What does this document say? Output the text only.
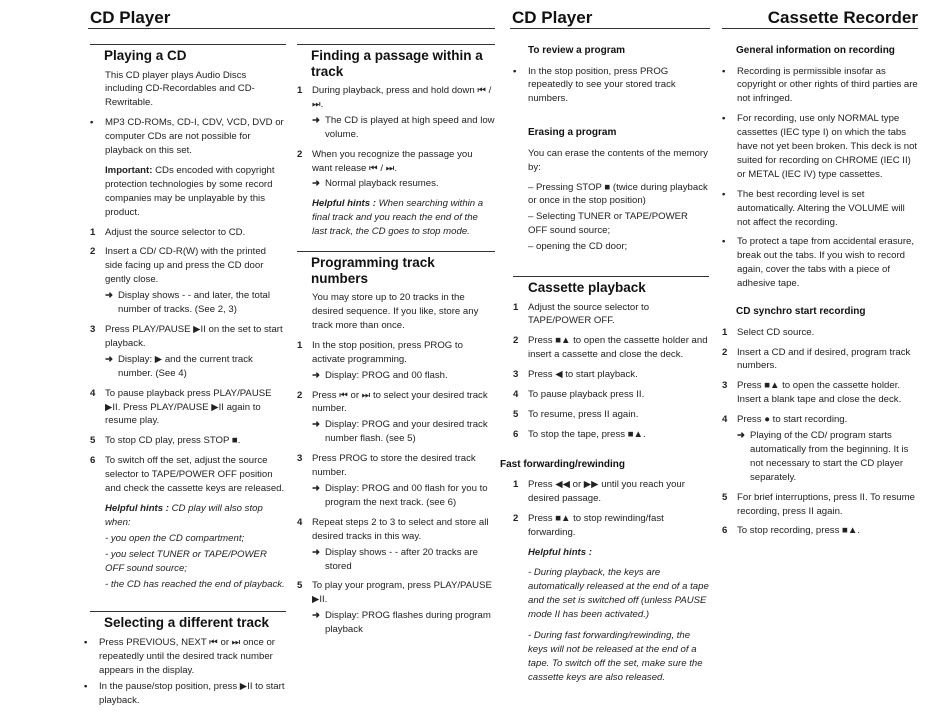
CD Player	CD Player	Cassette Recorder
Playing a CD

This CD player plays Audio Discs including CD-Recordables and CD-Rewritable.

• MP3 CD-ROMs, CD-I, CDV, VCD, DVD or computer CDs are not possible for playback on this set.

Important: CDs encoded with copyright protection technologies by some record companies may be unplayable by this product.

1 Adjust the source selector to CD.
2 Insert a CD/ CD-R(W) with the printed side facing up and press the CD door gently close.
➜ Display shows - - and later, the total number of tracks. (See 2, 3)
3 Press PLAY/PAUSE ▶II on the set to start playback.
➜ Display: ▶ and the current track number. (See 4)
4 To pause playback press PLAY/PAUSE ▶II. Press PLAY/PAUSE ▶II again to resume play.
5 To stop CD play, press STOP ■.
6 To switch off the set, adjust the source selector to TAPE/POWER OFF position and check the cassette keys are released.

Helpful hints : CD play will also stop when:

- you open the CD compartment;

- you select TUNER or TAPE/POWER OFF sound source;

- the CD has reached the end of playback.

Selecting a different track
• Press PREVIOUS, NEXT ⏮ or ⏭ once or repeatedly until the desired track number appears in the display.
• In the pause/stop position, press ▶II to start playback.
Finding a passage within a track
1 During playback, press and hold down ⏮ / ⏭.
➜ The CD is played at high speed and low volume.
2 When you recognize the passage you want release ⏮ / ⏭.
➜ Normal playback resumes.

Helpful hints : When searching within a final track and you reach the end of the last track, the CD goes to stop mode.

Programming track numbers

You may store up to 20 tracks in the desired sequence. If you like, store any track more than once.

1 In the stop position, press PROG to activate programming.
➜ Display: PROG and 00 flash.
2 Press ⏮ or ⏭ to select your desired track number.
➜ Display: PROG and your desired track number flash. (see 5)
3 Press PROG to store the desired track number.
➜ Display: PROG and 00 flash for you to program the next track. (see 6)
4 Repeat steps 2 to 3 to select and store all desired tracks in this way.
➜ Display shows - - after 20 tracks are stored
5 To play your program, press PLAY/PAUSE ▶II.
➜ Display: PROG flashes during program playback
To review a program
• In the stop position, press PROG repeatedly to see your stored track numbers.
Erasing a program

You can erase the contents of the memory by:

– Pressing STOP ■ (twice during playback or once in the stop position)

– Selecting TUNER or TAPE/POWER OFF sound source;

– opening the CD door;

Cassette playback
1 Adjust the source selector to TAPE/POWER OFF.
2 Press ■▲ to open the cassette holder and insert a cassette and close the deck.
3 Press ◀ to start playback.
4 To pause playback press II.
5 To resume, press II again.
6 To stop the tape, press ■▲.
Fast forwarding/rewinding
1 Press ◀◀ or ▶▶ until you reach your desired passage.
2 Press ■▲ to stop rewinding/fast forwarding.

Helpful hints :

- During playback, the keys are automatically released at the end of a tape and the set is switched off (unless PAUSE mode II has been activated.)

- During fast forwarding/rewinding, the keys will not be released at the end of a tape. To switch off the set, make sure the cassette keys are also released.

General information on recording
• Recording is permissible insofar as copyright or other rights of third parties are not infringed.
• For recording, use only NORMAL type cassettes (IEC type I) on which the tabs have not yet been broken. This deck is not suited for recording on CHROME (IEC II) or METAL (IEC IV) type cassettes.
• The best recording level is set automatically. Altering the VOLUME will not affect the recording.
• To protect a tape from accidental erasure, break out the tabs. If you wish to record again, cover the tabs with a piece of adhesive tape.
CD synchro start recording
1 Select CD source.
2 Insert a CD and if desired, program track numbers.
3 Press ■▲ to open the cassette holder. Insert a blank tape and close the deck.
4 Press ● to start recording.
➜ Playing of the CD/ program starts automatically from the beginning. It is not necessary to start the CD player separately.
5 For brief interruptions, press II. To resume recording, press II again.
6 To stop recording, press ■▲.
